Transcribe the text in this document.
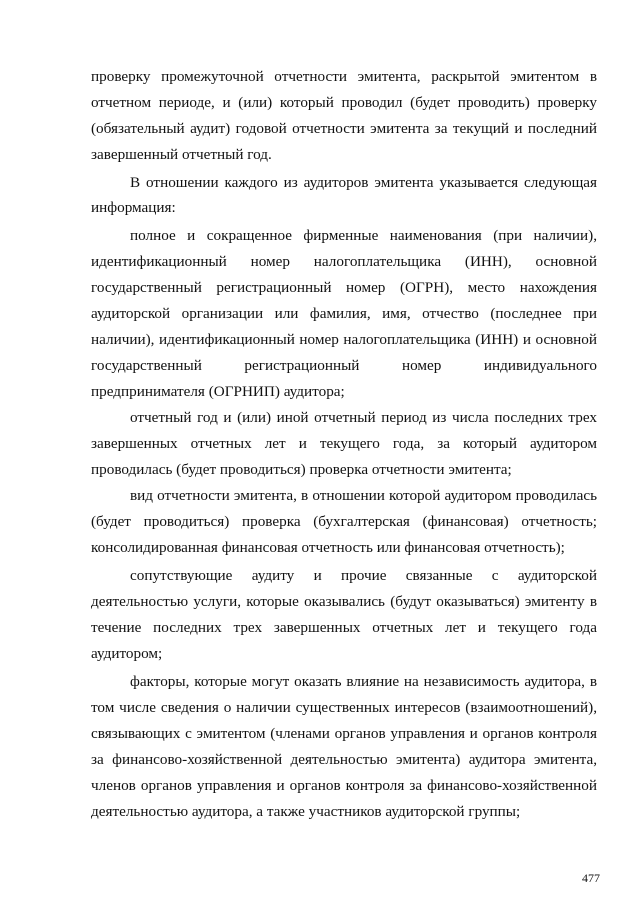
проверку промежуточной отчетности эмитента, раскрытой эмитентом в
отчетном периоде, и (или) который проводил (будет проводить) проверку
(обязательный аудит) годовой отчетности эмитента за текущий и последний
завершенный отчетный год.
В отношении каждого из аудиторов эмитента указывается следующая
информация:
полное и сокращенное фирменные наименования (при наличии),
идентификационный номер налогоплательщика (ИНН), основной
государственный регистрационный номер (ОГРН), место нахождения
аудиторской организации или фамилия, имя, отчество (последнее при
наличии), идентификационный номер налогоплательщика (ИНН) и основной
государственный регистрационный номер индивидуального
предпринимателя (ОГРНИП) аудитора;
отчетный год и (или) иной отчетный период из числа последних трех
завершенных отчетных лет и текущего года, за который аудитором
проводилась (будет проводиться) проверка отчетности эмитента;
вид отчетности эмитента, в отношении которой аудитором проводилась
(будет проводиться) проверка (бухгалтерская (финансовая) отчетность;
консолидированная финансовая отчетность или финансовая отчетность);
сопутствующие аудиту и прочие связанные с аудиторской
деятельностью услуги, которые оказывались (будут оказываться) эмитенту в
течение последних трех завершенных отчетных лет и текущего года
аудитором;
факторы, которые могут оказать влияние на независимость аудитора, в
том числе сведения о наличии существенных интересов (взаимоотношений),
связывающих с эмитентом (членами органов управления и органов контроля
за финансово-хозяйственной деятельностью эмитента) аудитора эмитента,
членов органов управления и органов контроля за финансово-хозяйственной
деятельностью аудитора, а также участников аудиторской группы;
477
